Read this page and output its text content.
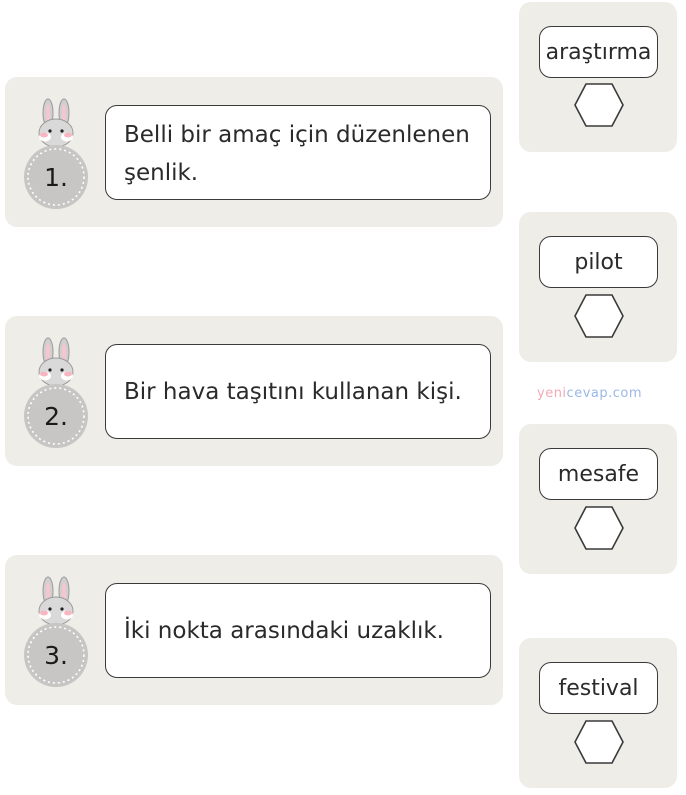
1.
2.
3.
Belli bir amaç için düzenlenen
şenlik.
Bir hava taşıtını kullanan kişi.
İki nokta arasındaki uzaklık.
araştırma
pilot
mesafe
festival
yenicevap.com
